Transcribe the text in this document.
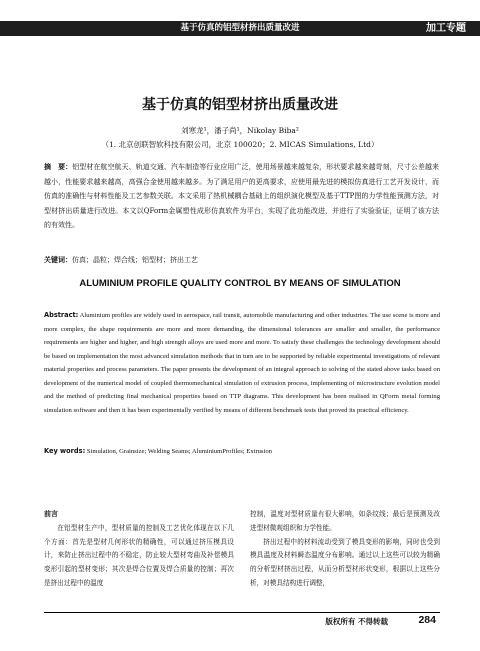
基于仿真的铝型材挤出质量改进	加工专题
基于仿真的铝型材挤出质量改进
刘寒龙¹，潘子尚¹，Nikolay Biba²
（1. 北京创联智软科技有限公司，北京 100020；2. MICAS Simulations, Ltd）
摘　要：铝型材在航空航天、轨道交通、汽车制造等行业应用广泛，使用场景越来越复杂，形状要求越来越苛刻，尺寸公差越来越小，性能要求越来越高，高强合金使用越来越多。为了满足用户的更高要求，应使用最先进的模拟仿真进行工艺开发设计，而仿真的准确性与材料性能及工艺参数关联。本文采用了热机械耦合基础上的组织演化模型及基于TTP图的力学性能预测方法，对型材挤出质量进行改进。本文以QForm金属塑性成形仿真软件为平台，实现了此功能改进，并进行了实验验证，证明了该方法的有效性。
关键词：仿真；晶粒；焊合线；铝型材；挤出工艺
ALUMINIUM PROFILE QUALITY CONTROL BY MEANS OF SIMULATION
Abstract: Aluminium profiles are widely used in aerospace, rail transit, automobile manufacturing and other industries. The use scene is more and more complex, the shape requirements are more and more demanding, the dimensional tolerances are smaller and smaller, the performance requirements are higher and higher, and high strength alloys are used more and more. To satisfy these challenges the technology development should be based on implementation the most advanced simulation methods that in turn are to be supported by reliable experimental investigations of relevant material properties and process parameters. The paper presents the development of an integral approach to solving of the stated above tasks based on development of the numerical model of coupled thermomechanical simulation of extrusion process, implementing of microstructure evolution model and the method of predicting final mechanical properties based on TTP diagrams. This development has been realised in QForm metal forming simulation software and then it has been experimentally verified by means of different benchmark tests that proved its practical efficiency.
Key words: Simulation, Grainsize; Welding Seams; AluminiumProfiles; Extrusion
前言

在铝型材生产中，型材质量的控制及工艺优化体现在以下几个方面：首先是型材几何形状的精确性，可以通过挤压模具设计，来防止挤出过程中的不稳定，防止较大型材弯曲及补偿模具变形引起的型材变形；其次是焊合位置及焊合质量的控制；再次是挤出过程中的温度

控制，温度对型材质量有很大影响，如条纹线；最后是预测及改进型材微观组织和力学性能。

挤出过程中的材料流动受到了模具变形的影响，同时也受到模具温度及材料瞬态温度分布影响。通过以上这些可以较为精确的分析型材挤出过程，从而分析型材形状变形，根据以上这些分析，对模具结构进行调整，

版权所有 不得转载	284
